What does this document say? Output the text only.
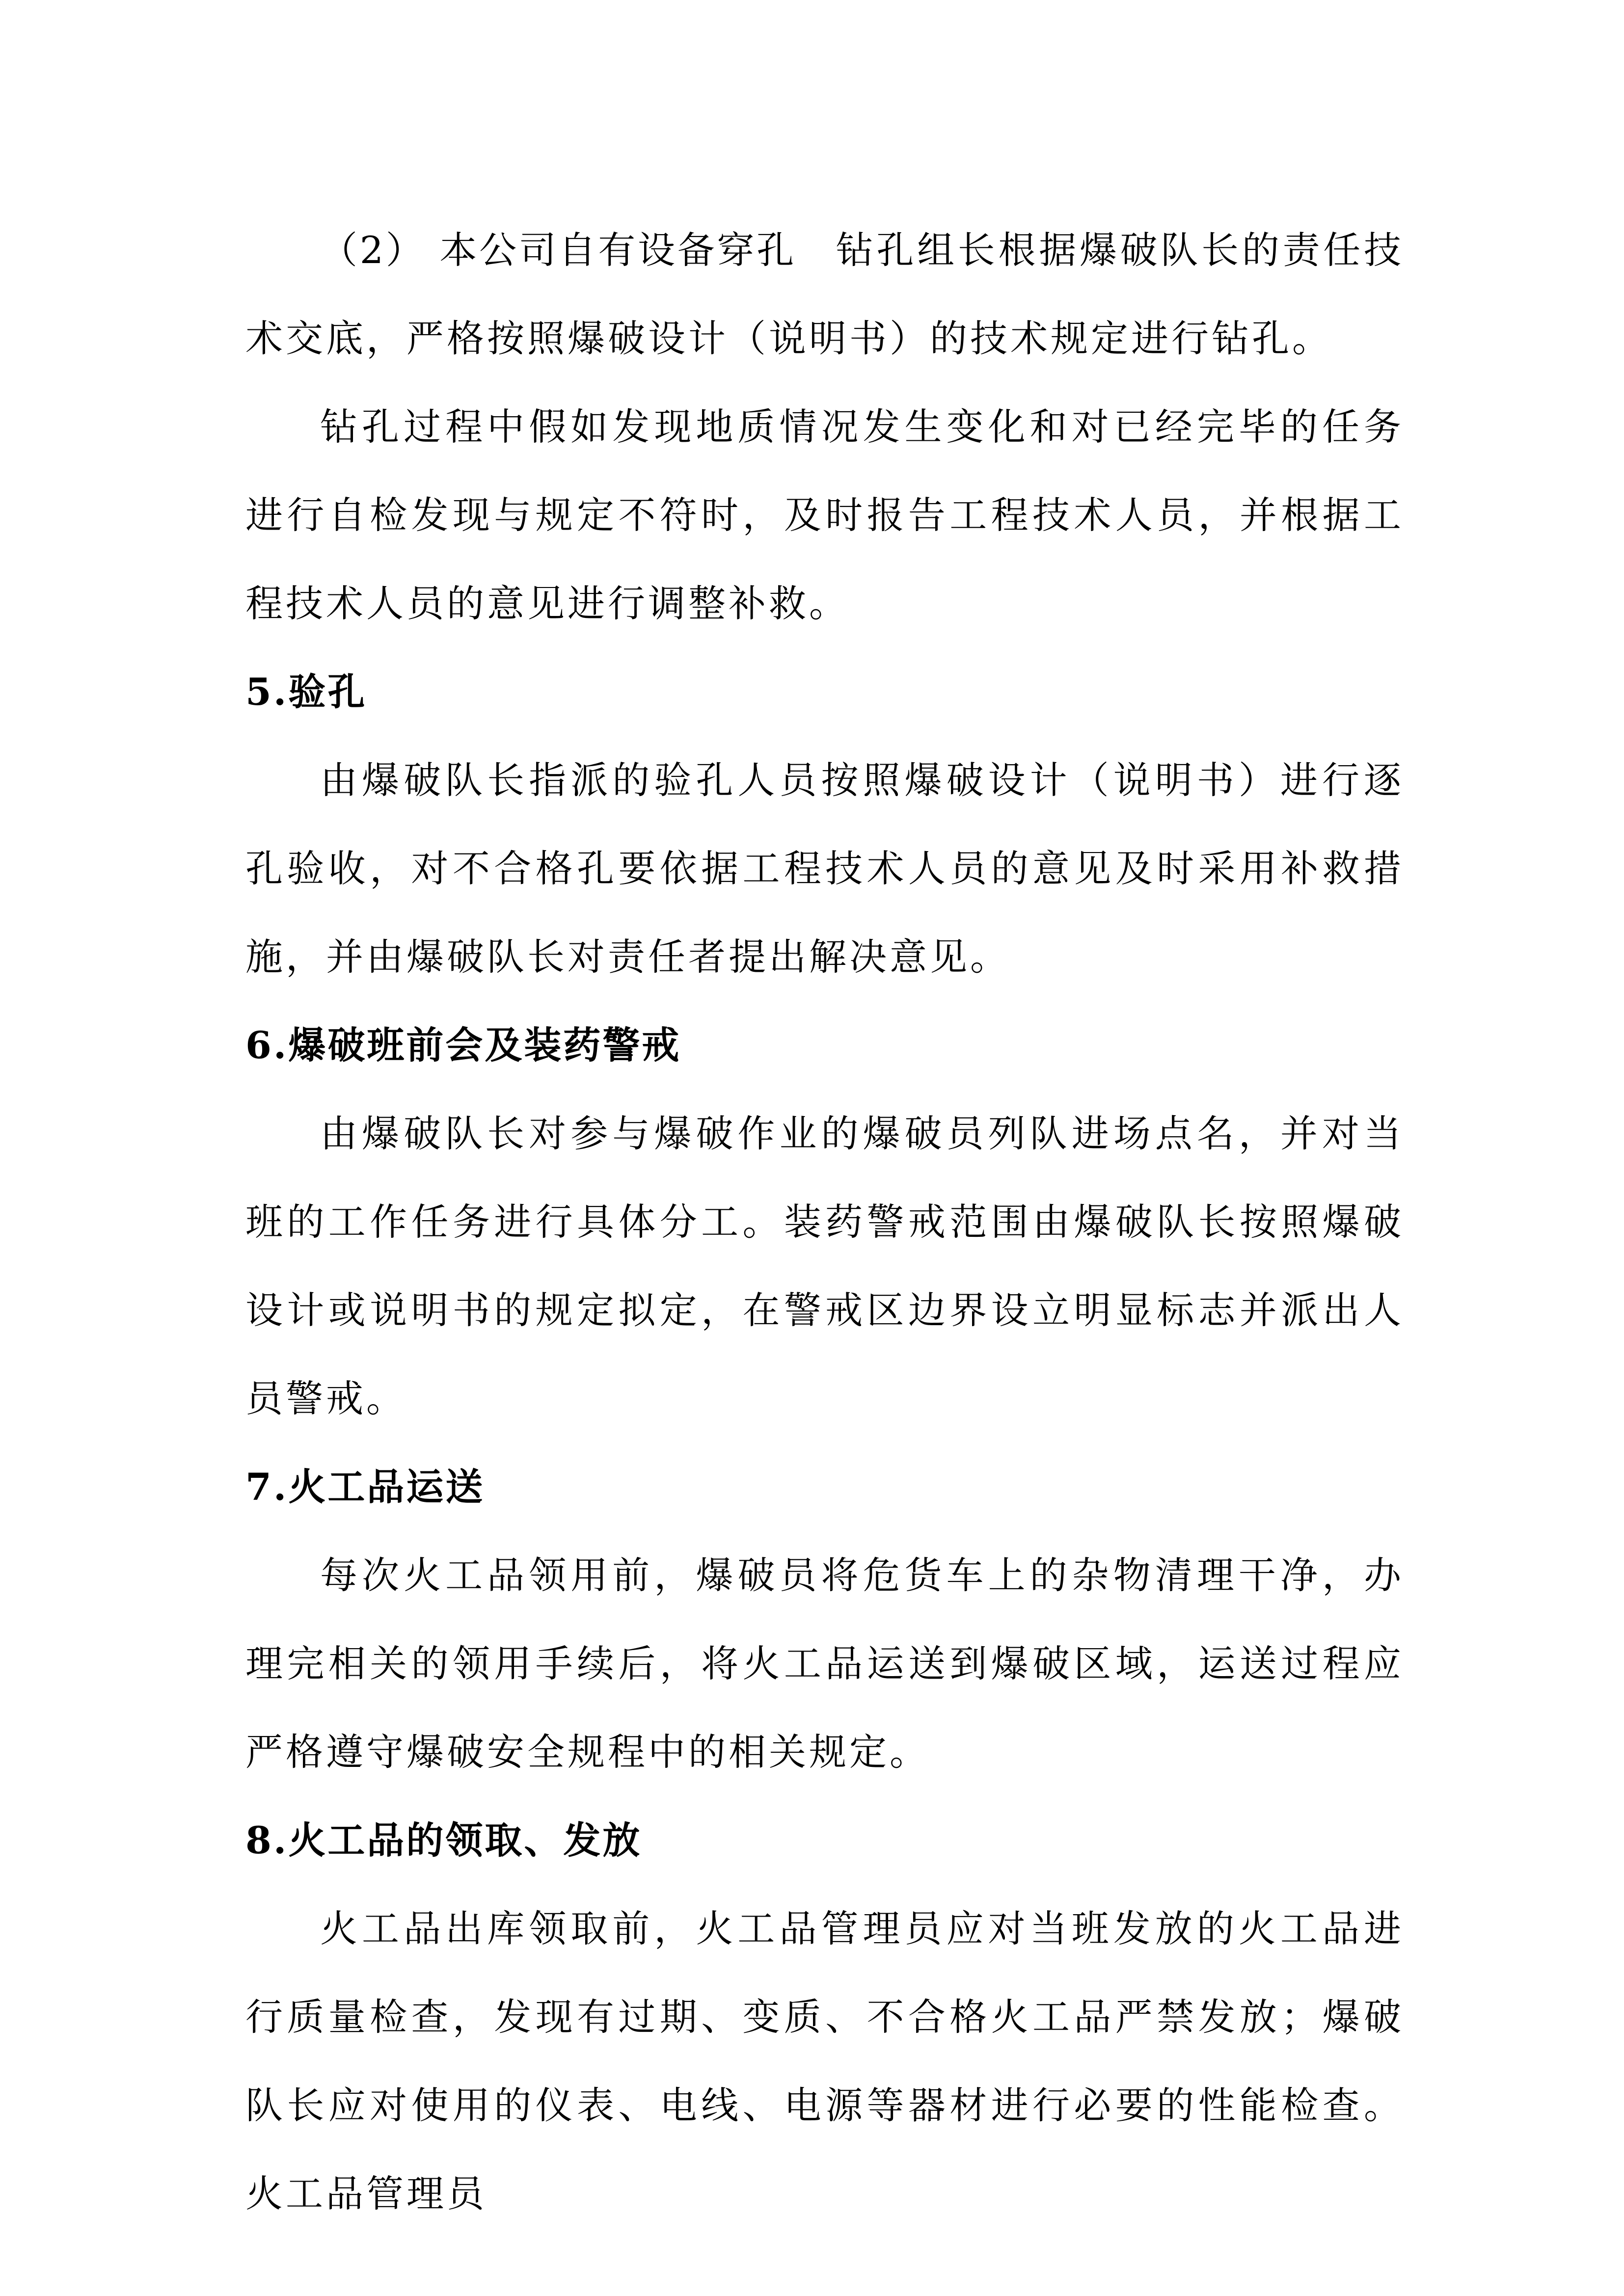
（2） 本公司自有设备穿孔 钻孔组长根据爆破队长的责任技术交底，严格按照爆破设计（说明书）的技术规定进行钻孔。

钻孔过程中假如发现地质情况发生变化和对已经完毕的任务进行自检发现与规定不符时，及时报告工程技术人员，并根据工程技术人员的意见进行调整补救。

5.验孔

由爆破队长指派的验孔人员按照爆破设计（说明书）进行逐孔验收，对不合格孔要依据工程技术人员的意见及时采用补救措施，并由爆破队长对责任者提出解决意见。

6.爆破班前会及装药警戒

由爆破队长对参与爆破作业的爆破员列队进场点名，并对当班的工作任务进行具体分工。装药警戒范围由爆破队长按照爆破设计或说明书的规定拟定，在警戒区边界设立明显标志并派出人员警戒。

7.火工品运送

每次火工品领用前，爆破员将危货车上的杂物清理干净，办理完相关的领用手续后，将火工品运送到爆破区域，运送过程应严格遵守爆破安全规程中的相关规定。

8.火工品的领取、发放

火工品出库领取前，火工品管理员应对当班发放的火工品进行质量检查，发现有过期、变质、不合格火工品严禁发放；爆破队长应对使用的仪表、电线、电源等器材进行必要的性能检查。火工品管理员
